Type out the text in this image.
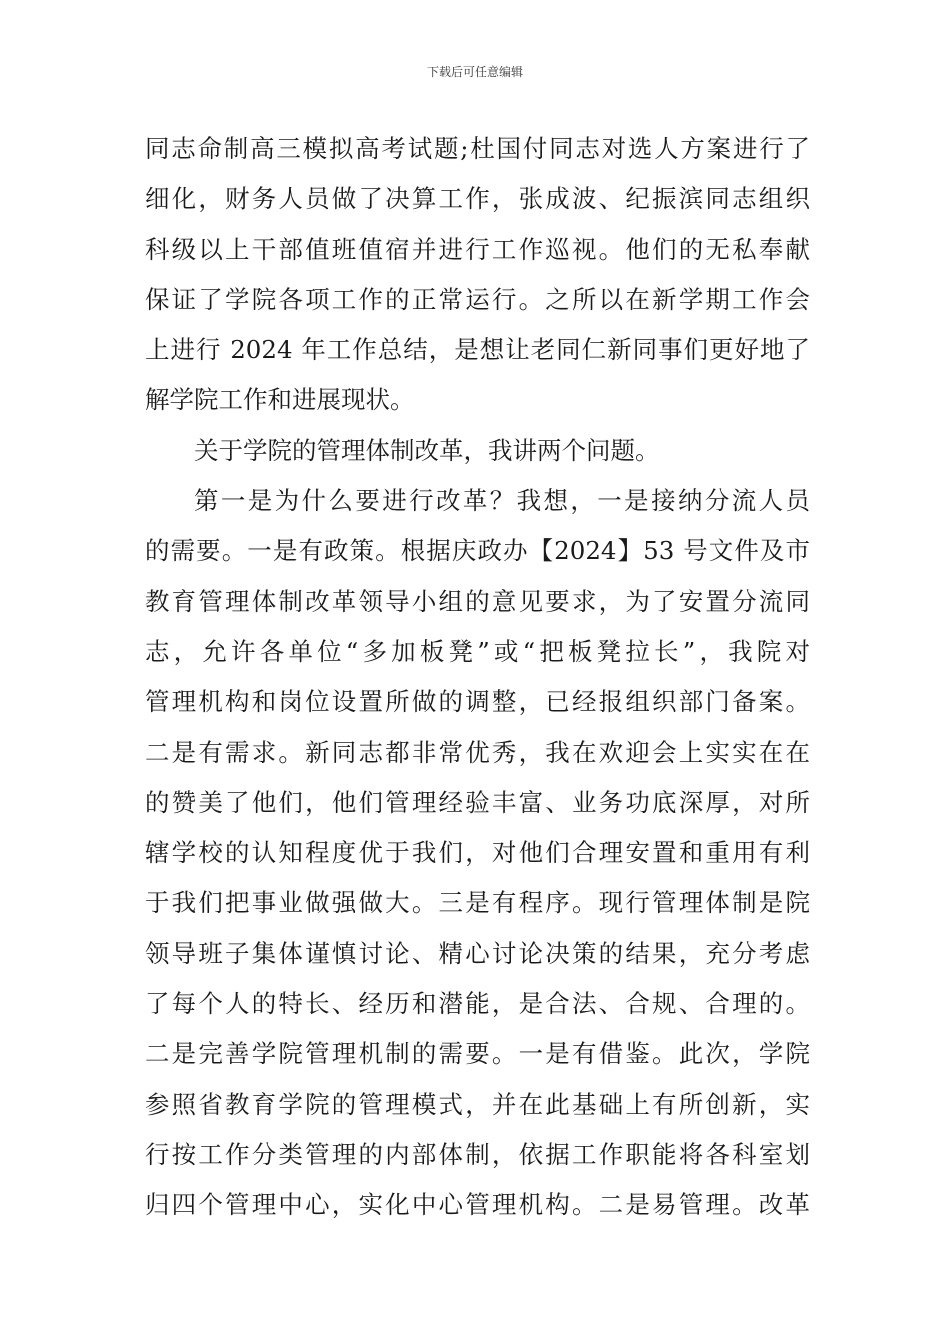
下载后可任意编辑
同志命制高三模拟高考试题;杜国付同志对选人方案进行了
细化，财务人员做了决算工作，张成波、纪振滨同志组织
科级以上干部值班值宿并进行工作巡视。他们的无私奉献
保证了学院各项工作的正常运行。之所以在新学期工作会
上进行 2024 年工作总结，是想让老同仁新同事们更好地了
解学院工作和进展现状。
关于学院的管理体制改革，我讲两个问题。
第一是为什么要进行改革？我想，一是接纳分流人员
的需要。一是有政策。根据庆政办【2024】53 号文件及市
教育管理体制改革领导小组的意见要求，为了安置分流同
志，允许各单位“多加板凳”或“把板凳拉长”，我院对
管理机构和岗位设置所做的调整，已经报组织部门备案。
二是有需求。新同志都非常优秀，我在欢迎会上实实在在
的赞美了他们，他们管理经验丰富、业务功底深厚，对所
辖学校的认知程度优于我们，对他们合理安置和重用有利
于我们把事业做强做大。三是有程序。现行管理体制是院
领导班子集体谨慎讨论、精心讨论决策的结果，充分考虑
了每个人的特长、经历和潜能，是合法、合规、合理的。
二是完善学院管理机制的需要。一是有借鉴。此次，学院
参照省教育学院的管理模式，并在此基础上有所创新，实
行按工作分类管理的内部体制，依据工作职能将各科室划
归四个管理中心，实化中心管理机构。二是易管理。改革
